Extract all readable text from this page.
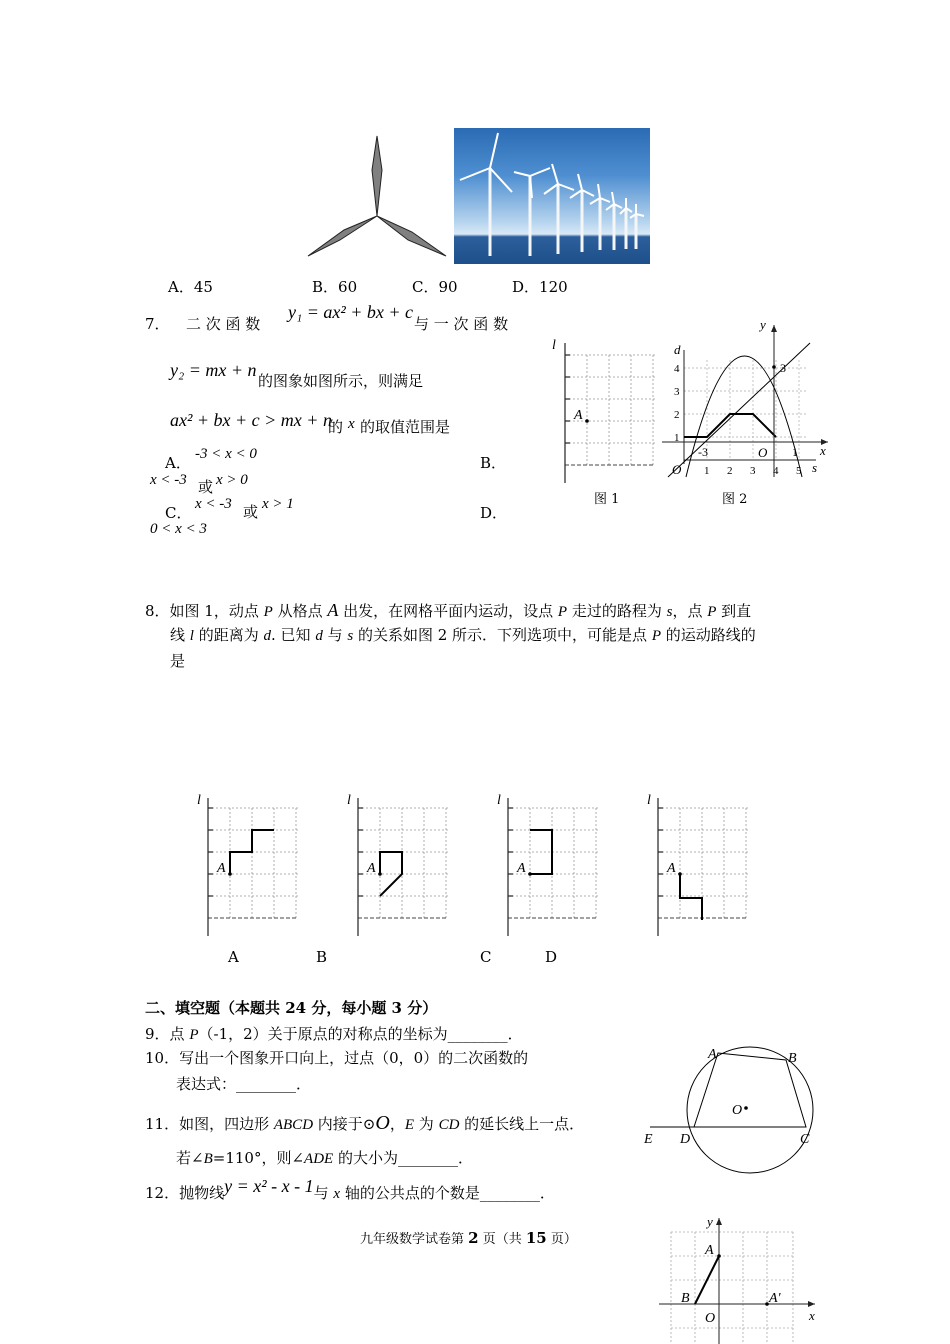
A．45	B．60	C．90	D．120
7． 二 次 函 数
y₁ = ax² + bx + c
与 一 次 函 数
y₂ = mx + n
的图象如图所示，则满足
ax² + bx + c > mx + n
的 x 的取值范围是
A． -3 < x < 0	B．
x < -3 或 x > 0
C． x < -3 或 x > 1	D．
0 < x < 3
l
A
图 1
d
s
O
4
3
2
1
1 2 3 4 5
图 2
y
x
O
-3	1
3
8．如图 1，动点 P 从格点 A 出发，在网格平面内运动，设点 P 走过的路程为 s，点 P 到直
线 l 的距离为 d. 已知 d 与 s 的关系如图 2 所示．下列选项中，可能是点 P 的运动路线的
是
l
A
l
A
l
A
l
A
A	B	C	D
二、填空题（本题共 24 分，每小题 3 分）
9．点 P（-1，2）关于原点的对称点的坐标为________．
10．写出一个图象开口向上，过点（0，0）的二次函数的
表达式：________．
11．如图，四边形 ABCD 内接于⊙O，E 为 CD 的延长线上一点．
若∠B=110°，则∠ADE 的大小为________．
A	B
C
D
E
O
12．抛物线y = x² - x - 1与 x 轴的公共点的个数是________．
九年级数学试卷第 2 页（共 15 页）
y
x
A
B
O
A′
